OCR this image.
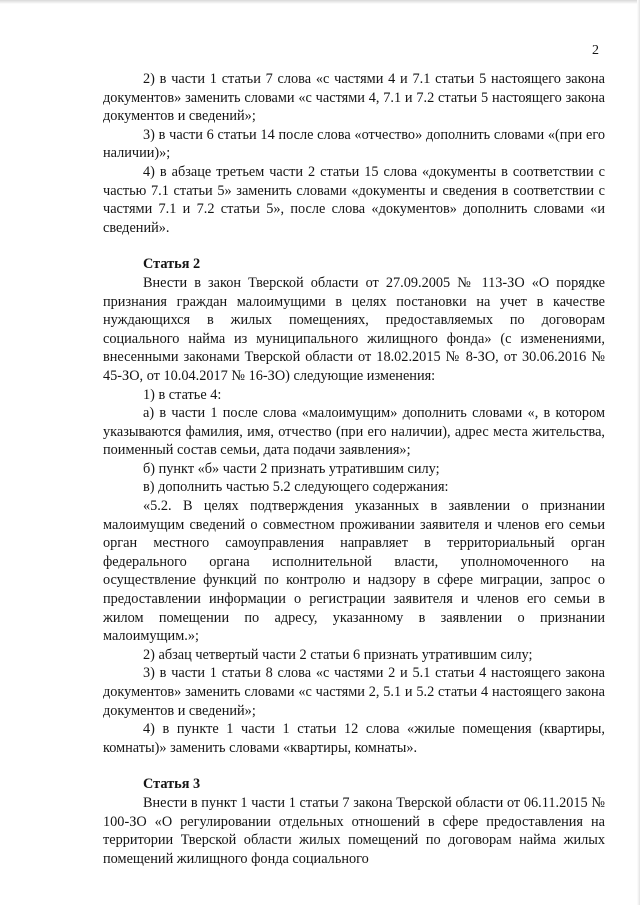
2

2) в части 1 статьи 7 слова «с частями 4 и 7.1 статьи 5 настоящего закона документов» заменить словами «с частями 4, 7.1 и 7.2 статьи 5 настоящего закона документов и сведений»;

3) в части 6 статьи 14 после слова «отчество» дополнить словами «(при его наличии)»;

4) в абзаце третьем части 2 статьи 15 слова «документы в соответствии с частью 7.1 статьи 5» заменить словами «документы и сведения в соответствии с частями 7.1 и 7.2 статьи 5», после слова «документов» дополнить словами «и сведений».

Статья 2

Внести в закон Тверской области от 27.09.2005 № 113-ЗО «О порядке признания граждан малоимущими в целях постановки на учет в качестве нуждающихся в жилых помещениях, предоставляемых по договорам социального найма из муниципального жилищного фонда» (с изменениями, внесенными законами Тверской области от 18.02.2015 № 8-ЗО, от 30.06.2016 № 45-ЗО, от 10.04.2017 № 16-ЗО) следующие изменения:

1) в статье 4:

а) в части 1 после слова «малоимущим» дополнить словами «, в котором указываются фамилия, имя, отчество (при его наличии), адрес места жительства, поименный состав семьи, дата подачи заявления»;

б) пункт «б» части 2 признать утратившим силу;

в) дополнить частью 5.2 следующего содержания:

«5.2. В целях подтверждения указанных в заявлении о признании малоимущим сведений о совместном проживании заявителя и членов его семьи орган местного самоуправления направляет в территориальный орган федерального органа исполнительной власти, уполномоченного на осуществление функций по контролю и надзору в сфере миграции, запрос о предоставлении информации о регистрации заявителя и членов его семьи в жилом помещении по адресу, указанному в заявлении о признании малоимущим.»;

2) абзац четвертый части 2 статьи 6 признать утратившим силу;

3) в части 1 статьи 8 слова «с частями 2 и 5.1 статьи 4 настоящего закона документов» заменить словами «с частями 2, 5.1 и 5.2 статьи 4 настоящего закона документов и сведений»;

4) в пункте 1 части 1 статьи 12 слова «жилые помещения (квартиры, комнаты)» заменить словами «квартиры, комнаты».

Статья 3

Внести в пункт 1 части 1 статьи 7 закона Тверской области от 06.11.2015 № 100-ЗО «О регулировании отдельных отношений в сфере предоставления на территории Тверской области жилых помещений по договорам найма жилых помещений жилищного фонда социального
